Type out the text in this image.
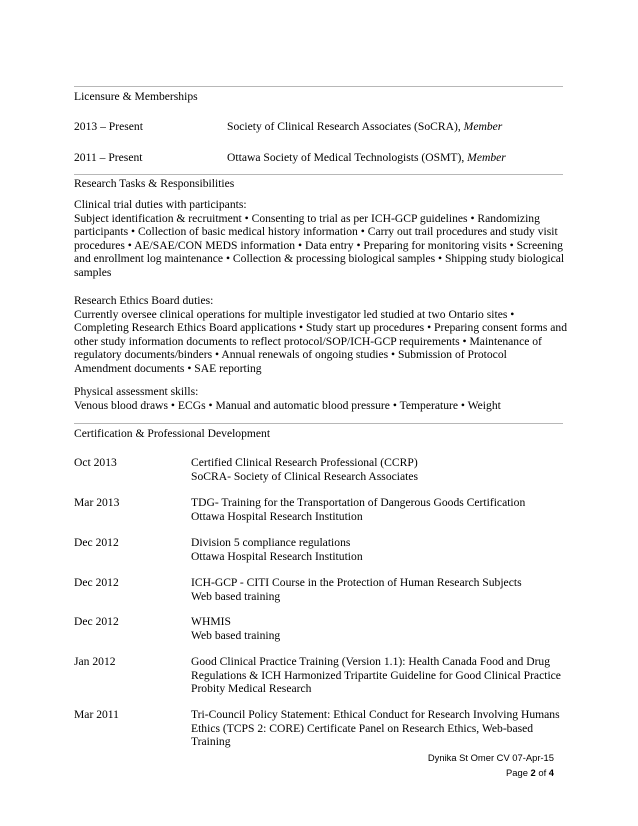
Licensure & Memberships
2013 – Present	Society of Clinical Research Associates (SoCRA), Member
2011 – Present	Ottawa Society of Medical Technologists (OSMT), Member
Research Tasks & Responsibilities
Clinical trial duties with participants:
Subject identification & recruitment • Consenting to trial as per ICH-GCP guidelines • Randomizing
participants • Collection of basic medical history information • Carry out trail procedures and study visit
procedures • AE/SAE/CON MEDS information • Data entry • Preparing for monitoring visits • Screening
and enrollment log maintenance • Collection & processing biological samples • Shipping study biological
samples
Research Ethics Board duties:
Currently oversee clinical operations for multiple investigator led studied at two Ontario sites •
Completing Research Ethics Board applications • Study start up procedures • Preparing consent forms and
other study information documents to reflect protocol/SOP/ICH-GCP requirements • Maintenance of
regulatory documents/binders • Annual renewals of ongoing studies • Submission of Protocol
Amendment documents • SAE reporting
Physical assessment skills:
Venous blood draws • ECGs • Manual and automatic blood pressure • Temperature • Weight
Certification & Professional Development
Oct 2013	Certified Clinical Research Professional (CCRP)
SoCRA- Society of Clinical Research Associates
Mar 2013	TDG- Training for the Transportation of Dangerous Goods Certification
Ottawa Hospital Research Institution
Dec 2012	Division 5 compliance regulations
Ottawa Hospital Research Institution
Dec 2012	ICH-GCP - CITI Course in the Protection of Human Research Subjects
Web based training
Dec 2012	WHMIS
Web based training
Jan 2012	Good Clinical Practice Training (Version 1.1): Health Canada Food and Drug
Regulations & ICH Harmonized Tripartite Guideline for Good Clinical Practice
Probity Medical Research
Mar 2011	Tri-Council Policy Statement: Ethical Conduct for Research Involving Humans
Ethics (TCPS 2: CORE) Certificate Panel on Research Ethics, Web-based
Training
Dynika St Omer CV 07-Apr-15
Page 2 of 4
